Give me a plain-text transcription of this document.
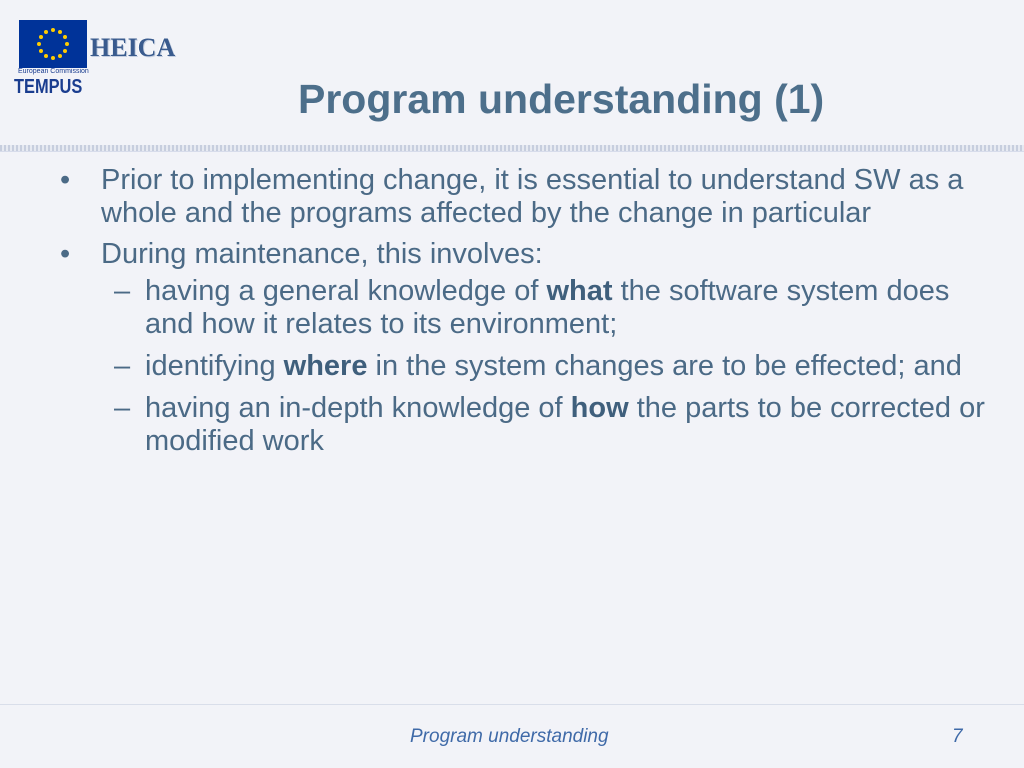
European Commission
TEMPUS
HEICA
Program understanding (1)
• Prior to implementing change, it is essential to understand SW as a whole and the programs affected by the change in particular
• During maintenance, this involves:
– having a general knowledge of what the software system does and how it relates to its environment;
– identifying where in the system changes are to be effected; and
– having an in-depth knowledge of how the parts to be corrected or modified work
Program understanding	7
